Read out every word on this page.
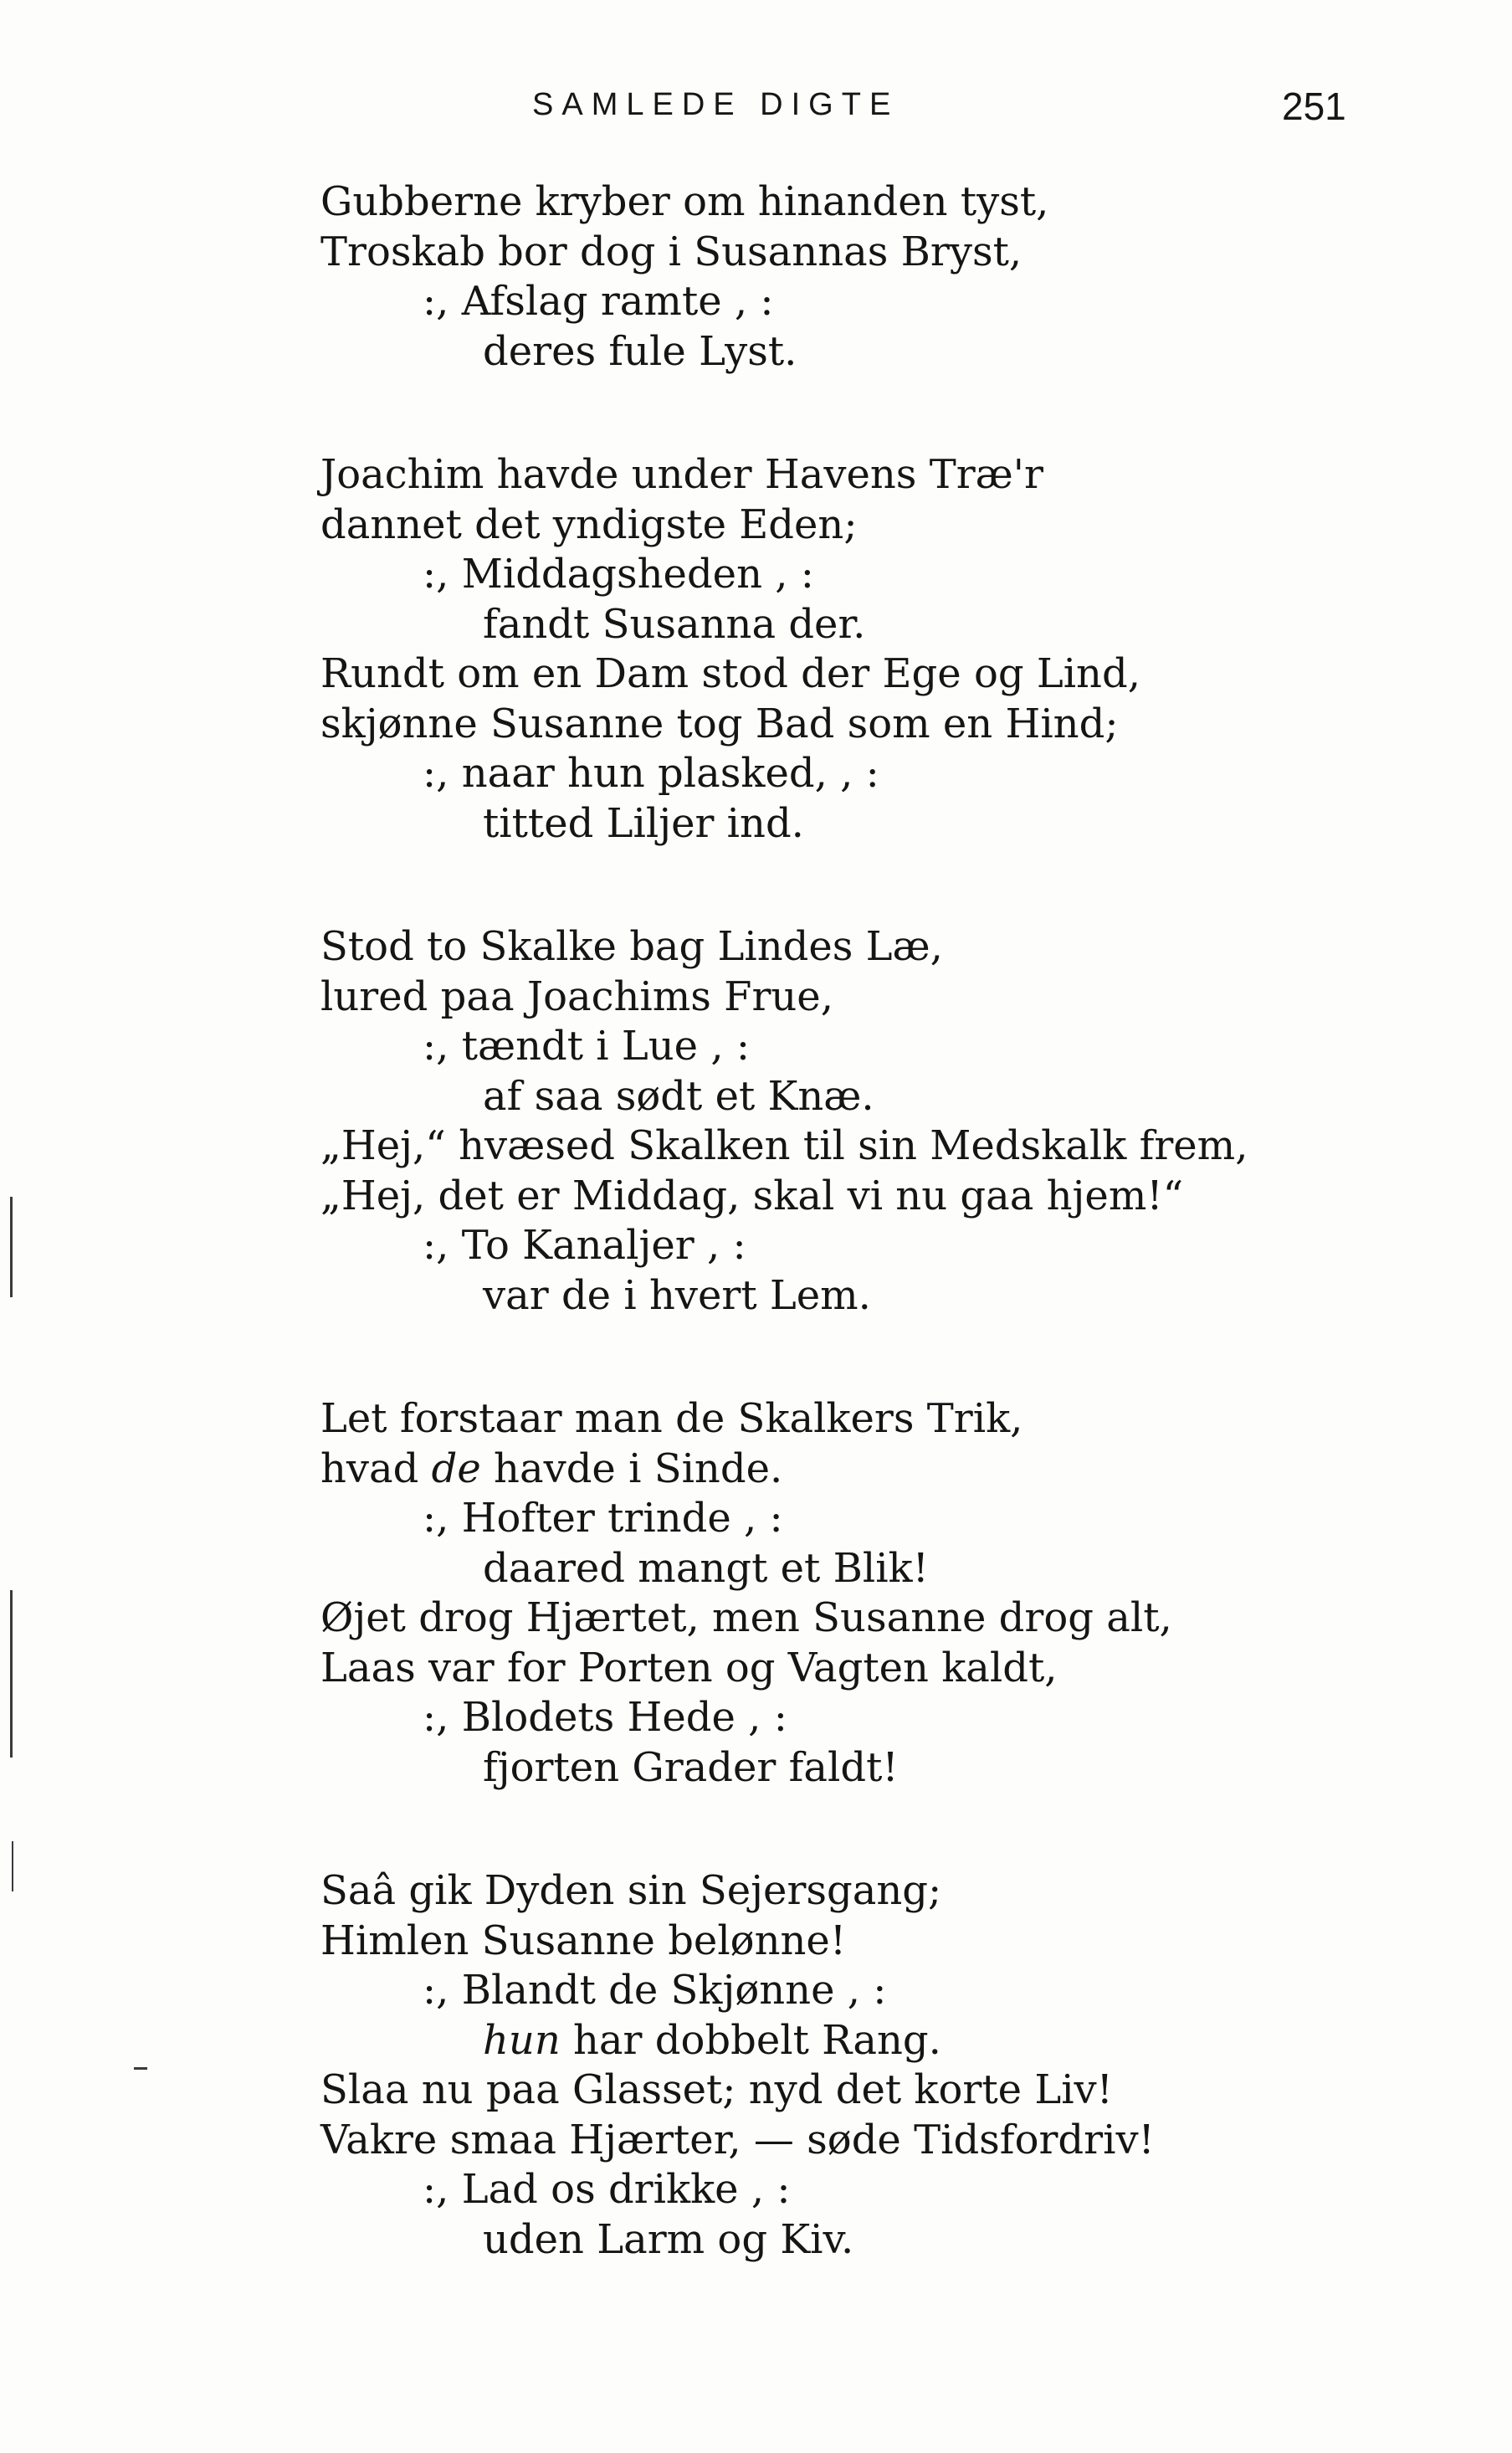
SAMLEDE DIGTE	251
Gubberne kryber om hinanden tyst,
Troskab bor dog i Susannas Bryst,
:, Afslag ramte , :
deres fule Lyst.
Joachim havde under Havens Træ'r
dannet det yndigste Eden;
:, Middagsheden , :
fandt Susanna der.
Rundt om en Dam stod der Ege og Lind,
skjønne Susanne tog Bad som en Hind;
:, naar hun plasked, , :
titted Liljer ind.
Stod to Skalke bag Lindes Læ,
lured paa Joachims Frue,
:, tændt i Lue , :
af saa sødt et Knæ.
„Hej,“ hvæsed Skalken til sin Medskalk frem,
„Hej, det er Middag, skal vi nu gaa hjem!“
:, To Kanaljer , :
var de i hvert Lem.
Let forstaar man de Skalkers Trik,
hvad de havde i Sinde.
:, Hofter trinde , :
daared mangt et Blik!
Øjet drog Hjærtet, men Susanne drog alt,
Laas var for Porten og Vagten kaldt,
:, Blodets Hede , :
fjorten Grader faldt!
Saâ gik Dyden sin Sejersgang;
Himlen Susanne belønne!
:, Blandt de Skjønne , :
hun har dobbelt Rang.
Slaa nu paa Glasset; nyd det korte Liv!
Vakre smaa Hjærter, — søde Tidsfordriv!
:, Lad os drikke , :
uden Larm og Kiv.
